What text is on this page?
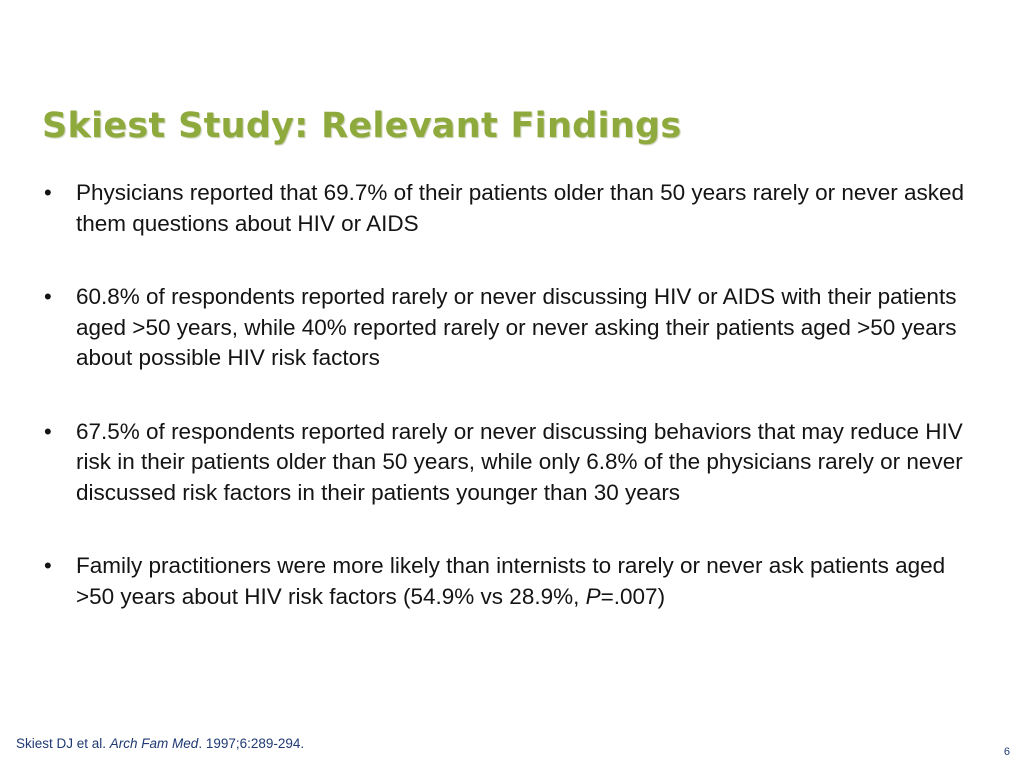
Skiest Study: Relevant Findings
• Physicians reported that 69.7% of their patients older than 50 years rarely or never asked them questions about HIV or AIDS
• 60.8% of respondents reported rarely or never discussing HIV or AIDS with their patients aged >50 years, while 40% reported rarely or never asking their patients aged >50 years about possible HIV risk factors
• 67.5% of respondents reported rarely or never discussing behaviors that may reduce HIV risk in their patients older than 50 years, while only 6.8% of the physicians rarely or never discussed risk factors in their patients younger than 30 years
• Family practitioners were more likely than internists to rarely or never ask patients aged >50 years about HIV risk factors (54.9% vs 28.9%, P=.007)
Skiest DJ et al. Arch Fam Med. 1997;6:289-294.
6
